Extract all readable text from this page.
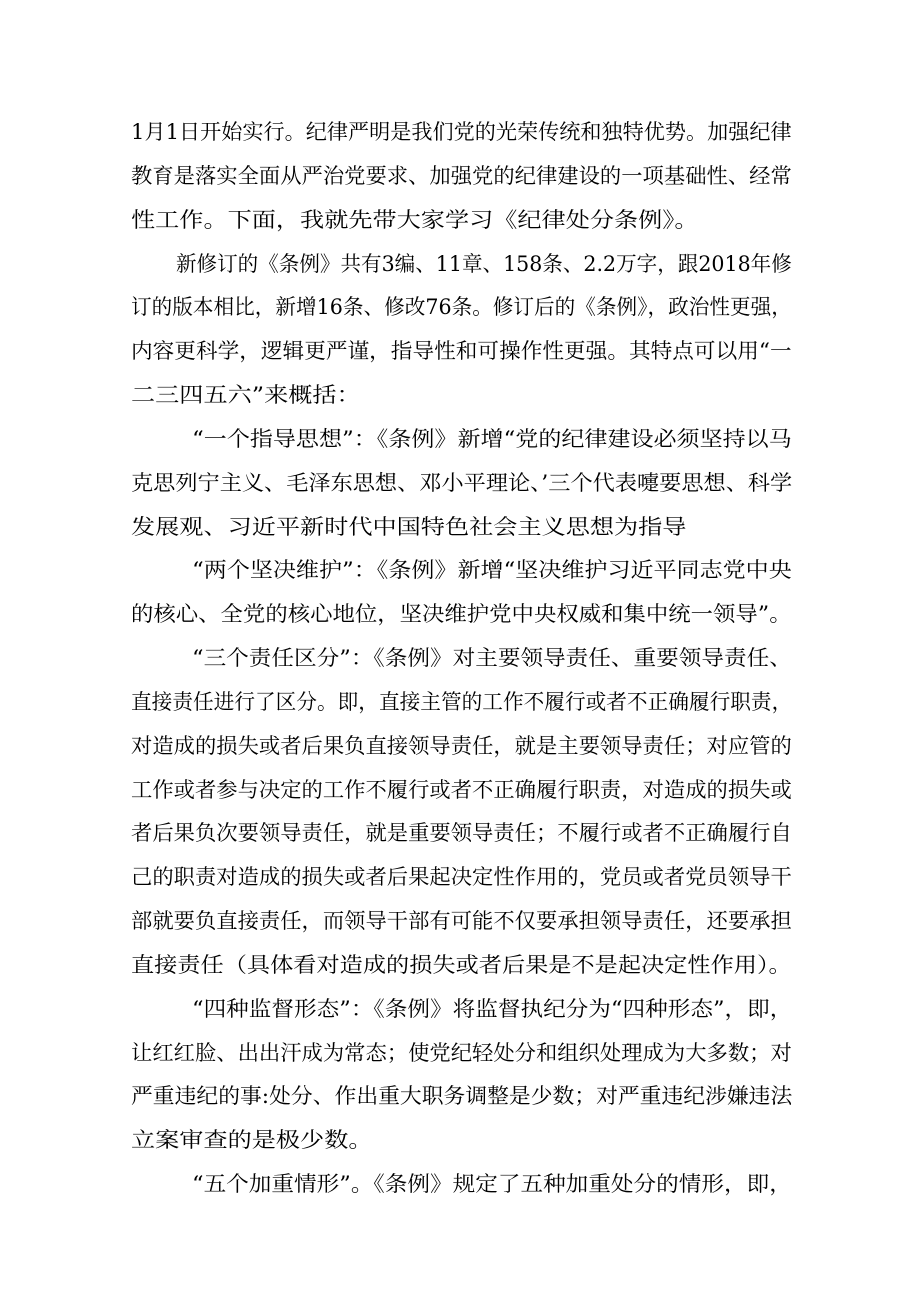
1月1日开始实行。纪律严明是我们党的光荣传统和独特优势。加强纪律
教育是落实全面从严治党要求、加强党的纪律建设的一项基础性、经常
性工作。下面，我就先带大家学习《纪律处分条例》。
新修订的《条例》共有3编、11章、158条、2.2万字，跟2018年修
订的版本相比，新增16条、修改76条。修订后的《条例》，政治性更强，
内容更科学，逻辑更严谨，指导性和可操作性更强。其特点可以用“一
二三四五六”来概括：
“一个指导思想”：《条例》新增“党的纪律建设必须坚持以马
克思列宁主义、毛泽东思想、邓小平理论、’三个代表嚏要思想、科学
发展观、习近平新时代中国特色社会主义思想为指导
“两个坚决维护”：《条例》新增“坚决维护习近平同志党中央
的核心、全党的核心地位，坚决维护党中央权威和集中统一领导”。
“三个责任区分”：《条例》对主要领导责任、重要领导责任、
直接责任进行了区分。即，直接主管的工作不履行或者不正确履行职责，
对造成的损失或者后果负直接领导责任，就是主要领导责任；对应管的
工作或者参与决定的工作不履行或者不正确履行职责，对造成的损失或
者后果负次要领导责任，就是重要领导责任；不履行或者不正确履行自
己的职责对造成的损失或者后果起决定性作用的，党员或者党员领导干
部就要负直接责任，而领导干部有可能不仅要承担领导责任，还要承担
直接责任（具体看对造成的损失或者后果是不是起决定性作用）。
“四种监督形态”：《条例》将监督执纪分为“四种形态”，即，
让红红脸、出出汗成为常态；使党纪轻处分和组织处理成为大多数；对
严重违纪的事:处分、作出重大职务调整是少数；对严重违纪涉嫌违法
立案审查的是极少数。
“五个加重情形”。《条例》规定了五种加重处分的情形，即，
